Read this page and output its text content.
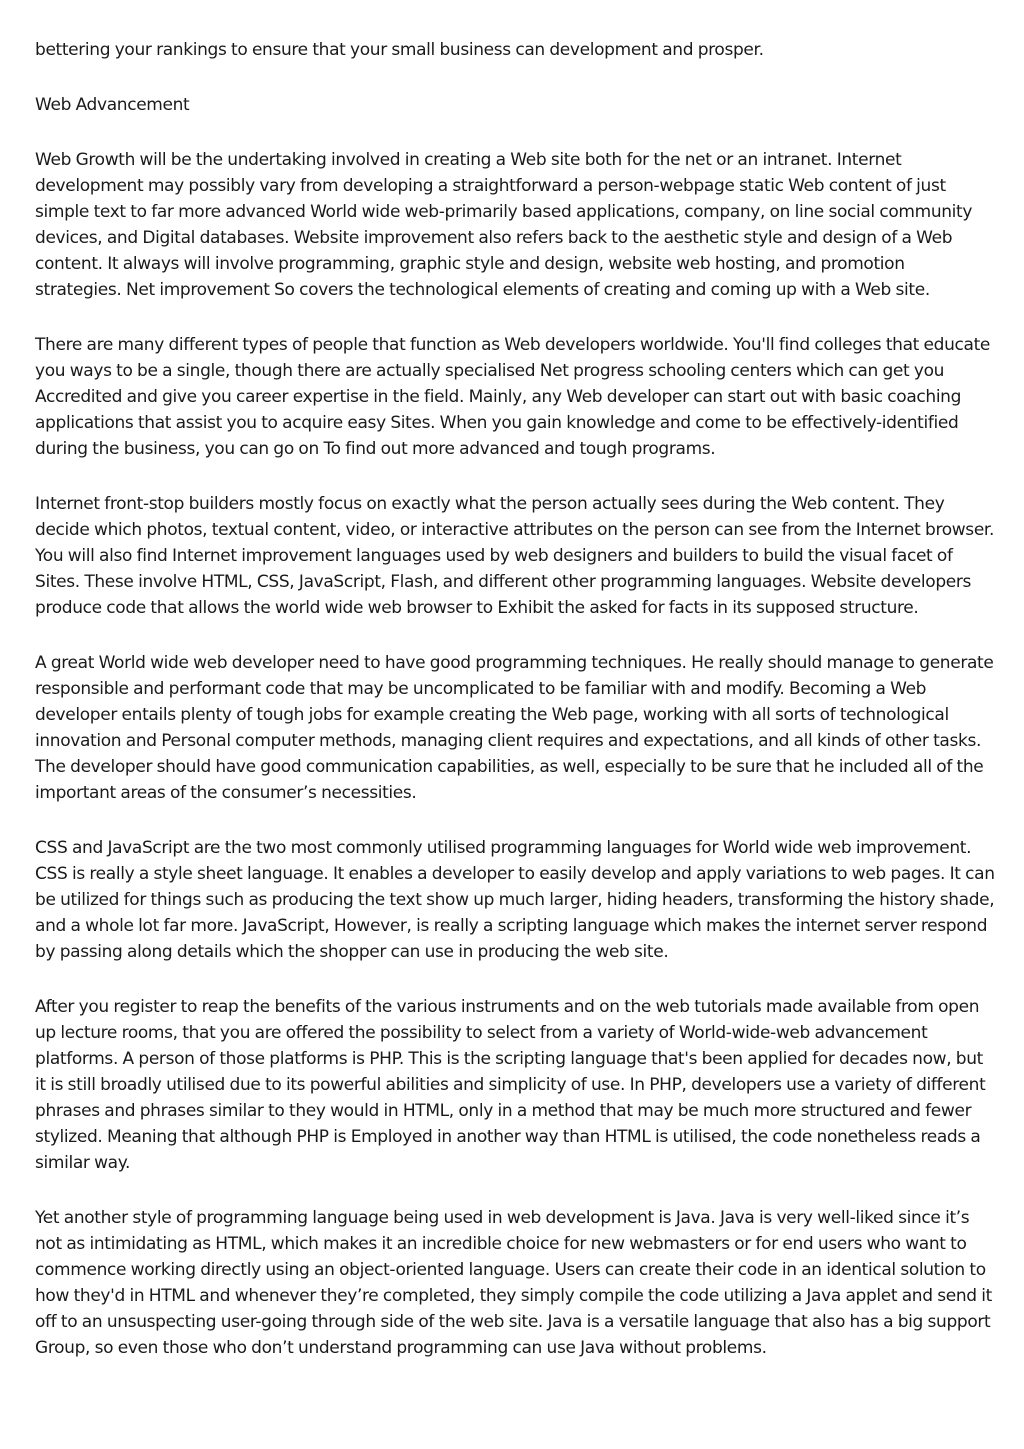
bettering your rankings to ensure that your small business can development and prosper.

Web Advancement

Web Growth will be the undertaking involved in creating a Web site both for the net or an intranet. Internet development may possibly vary from developing a straightforward a person-webpage static Web content of just simple text to far more advanced World wide web-primarily based applications, company, on line social community devices, and Digital databases. Website improvement also refers back to the aesthetic style and design of a Web content. It always will involve programming, graphic style and design, website web hosting, and promotion strategies. Net improvement So covers the technological elements of creating and coming up with a Web site.

There are many different types of people that function as Web developers worldwide. You'll find colleges that educate you ways to be a single, though there are actually specialised Net progress schooling centers which can get you Accredited and give you career expertise in the field. Mainly, any Web developer can start out with basic coaching applications that assist you to acquire easy Sites. When you gain knowledge and come to be effectively-identified during the business, you can go on To find out more advanced and tough programs.

Internet front-stop builders mostly focus on exactly what the person actually sees during the Web content. They decide which photos, textual content, video, or interactive attributes on the person can see from the Internet browser. You will also find Internet improvement languages used by web designers and builders to build the visual facet of Sites. These involve HTML, CSS, JavaScript, Flash, and different other programming languages. Website developers produce code that allows the world wide web browser to Exhibit the asked for facts in its supposed structure.

A great World wide web developer need to have good programming techniques. He really should manage to generate responsible and performant code that may be uncomplicated to be familiar with and modify. Becoming a Web developer entails plenty of tough jobs for example creating the Web page, working with all sorts of technological innovation and Personal computer methods, managing client requires and expectations, and all kinds of other tasks. The developer should have good communication capabilities, as well, especially to be sure that he included all of the important areas of the consumer’s necessities.

CSS and JavaScript are the two most commonly utilised programming languages for World wide web improvement. CSS is really a style sheet language. It enables a developer to easily develop and apply variations to web pages. It can be utilized for things such as producing the text show up much larger, hiding headers, transforming the history shade, and a whole lot far more. JavaScript, However, is really a scripting language which makes the internet server respond by passing along details which the shopper can use in producing the web site.

After you register to reap the benefits of the various instruments and on the web tutorials made available from open up lecture rooms, that you are offered the possibility to select from a variety of World-wide-web advancement platforms. A person of those platforms is PHP. This is the scripting language that's been applied for decades now, but it is still broadly utilised due to its powerful abilities and simplicity of use. In PHP, developers use a variety of different phrases and phrases similar to they would in HTML, only in a method that may be much more structured and fewer stylized. Meaning that although PHP is Employed in another way than HTML is utilised, the code nonetheless reads a similar way.

Yet another style of programming language being used in web development is Java. Java is very well-liked since it’s not as intimidating as HTML, which makes it an incredible choice for new webmasters or for end users who want to commence working directly using an object-oriented language. Users can create their code in an identical solution to how they'd in HTML and whenever they’re completed, they simply compile the code utilizing a Java applet and send it off to an unsuspecting user-going through side of the web site. Java is a versatile language that also has a big support Group, so even those who don’t understand programming can use Java without problems.
